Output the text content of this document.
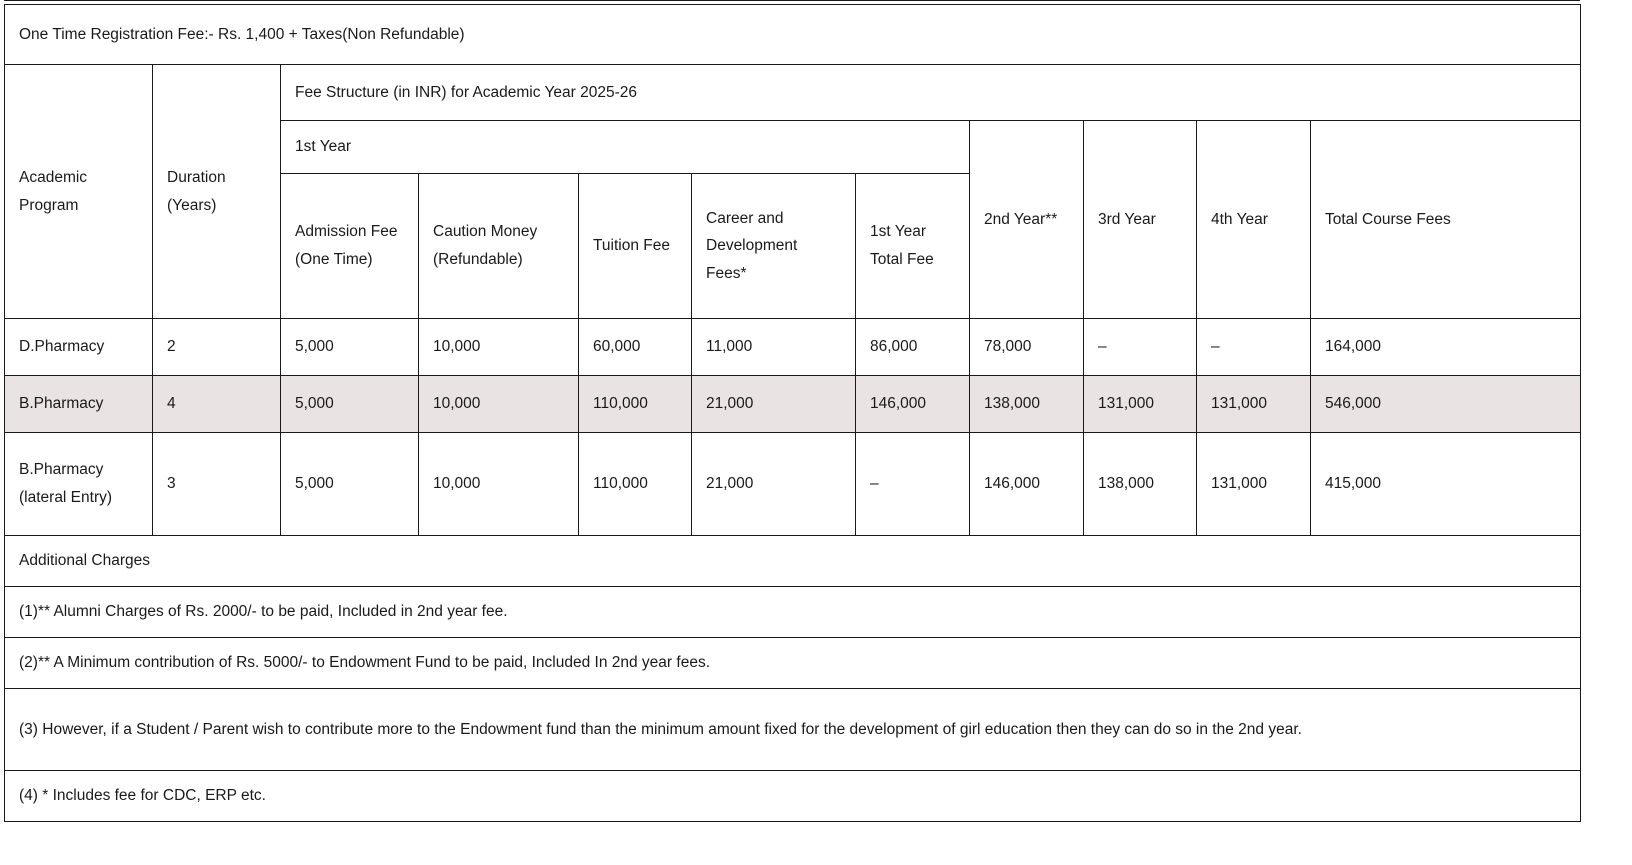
One Time Registration Fee:- Rs. 1,400 + Taxes(Non Refundable)										
Academic Program	Duration (Years)	Fee Structure (in INR) for Academic Year 2025-26								
		1st Year					2nd Year**	3rd Year	4th Year	Total Course Fees
		Admission Fee (One Time)	Caution Money (Refundable)	Tuition Fee	Career and Development Fees*	1st Year Total Fee				
D.Pharmacy	2	5,000	10,000	60,000	11,000	86,000	78,000	–	–	164,000
B.Pharmacy	4	5,000	10,000	110,000	21,000	146,000	138,000	131,000	131,000	546,000
B.Pharmacy (lateral Entry)	3	5,000	10,000	110,000	21,000	–	146,000	138,000	131,000	415,000
Additional Charges										
(1)** Alumni Charges of Rs. 2000/- to be paid, Included in 2nd year fee.										
(2)** A Minimum contribution of Rs. 5000/- to Endowment Fund to be paid, Included In 2nd year fees.										
(3) However, if a Student / Parent wish to contribute more to the Endowment fund than the minimum amount fixed for the development of girl education then they can do so in the 2nd year.										
(4) * Includes fee for CDC, ERP etc.										
